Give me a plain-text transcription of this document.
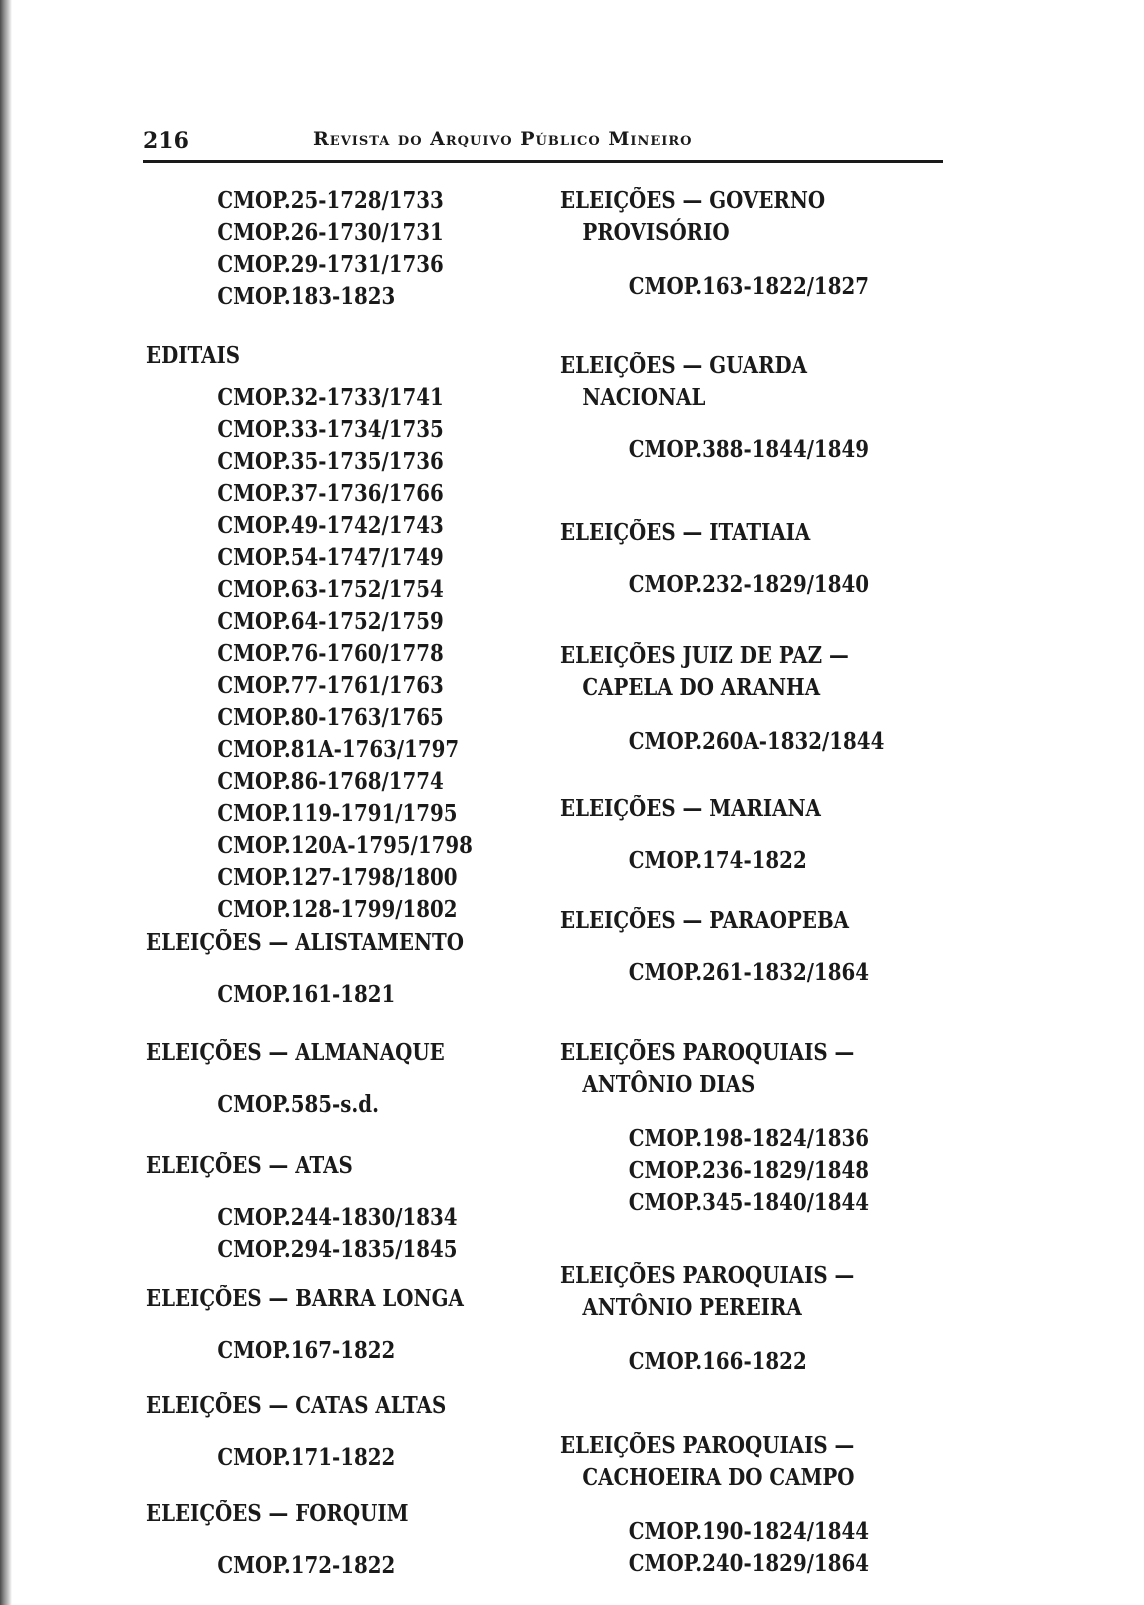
216	Revista do Arquivo Público Mineiro
CMOP.25-1728/1733
CMOP.26-1730/1731
CMOP.29-1731/1736
CMOP.183-1823
EDITAIS
CMOP.32-1733/1741
CMOP.33-1734/1735
CMOP.35-1735/1736
CMOP.37-1736/1766
CMOP.49-1742/1743
CMOP.54-1747/1749
CMOP.63-1752/1754
CMOP.64-1752/1759
CMOP.76-1760/1778
CMOP.77-1761/1763
CMOP.80-1763/1765
CMOP.81A-1763/1797
CMOP.86-1768/1774
CMOP.119-1791/1795
CMOP.120A-1795/1798
CMOP.127-1798/1800
CMOP.128-1799/1802
ELEIÇÕES — ALISTAMENTO
CMOP.161-1821
ELEIÇÕES — ALMANAQUE
CMOP.585-s.d.
ELEIÇÕES — ATAS
CMOP.244-1830/1834
CMOP.294-1835/1845
ELEIÇÕES — BARRA LONGA
CMOP.167-1822
ELEIÇÕES — CATAS ALTAS
CMOP.171-1822
ELEIÇÕES — FORQUIM
CMOP.172-1822
ELEIÇÕES — GOVERNO
PROVISÓRIO
CMOP.163-1822/1827
ELEIÇÕES — GUARDA
NACIONAL
CMOP.388-1844/1849
ELEIÇÕES — ITATIAIA
CMOP.232-1829/1840
ELEIÇÕES JUIZ DE PAZ —
CAPELA DO ARANHA
CMOP.260A-1832/1844
ELEIÇÕES — MARIANA
CMOP.174-1822
ELEIÇÕES — PARAOPEBA
CMOP.261-1832/1864
ELEIÇÕES PAROQUIAIS —
ANTÔNIO DIAS
CMOP.198-1824/1836
CMOP.236-1829/1848
CMOP.345-1840/1844
ELEIÇÕES PAROQUIAIS —
ANTÔNIO PEREIRA
CMOP.166-1822
ELEIÇÕES PAROQUIAIS —
CACHOEIRA DO CAMPO
CMOP.190-1824/1844
CMOP.240-1829/1864
